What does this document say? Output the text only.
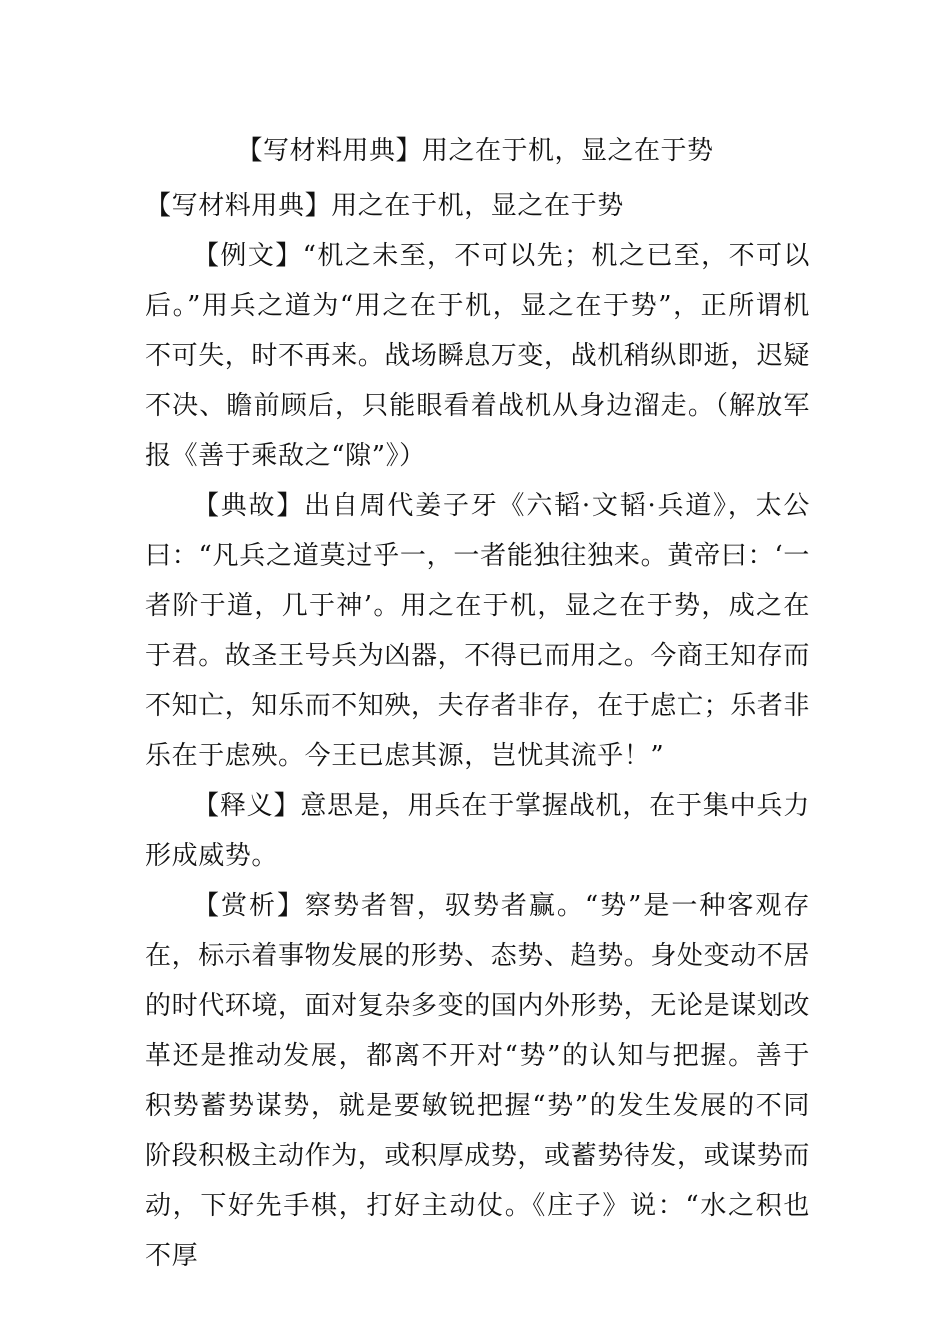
【写材料用典】用之在于机，显之在于势

【写材料用典】用之在于机，显之在于势

【例文】“机之未至，不可以先；机之已至，不可以后。”用兵之道为“用之在于机，显之在于势”，正所谓机不可失，时不再来。战场瞬息万变，战机稍纵即逝，迟疑不决、瞻前顾后，只能眼看着战机从身边溜走。（解放军报《善于乘敌之“隙”》）

【典故】出自周代姜子牙《六韬·文韬·兵道》，太公曰：“凡兵之道莫过乎一，一者能独往独来。黄帝曰：‘一者阶于道，几于神’。用之在于机，显之在于势，成之在于君。故圣王号兵为凶器，不得已而用之。今商王知存而不知亡，知乐而不知殃，夫存者非存，在于虑亡；乐者非乐在于虑殃。今王已虑其源，岂忧其流乎！”

【释义】意思是，用兵在于掌握战机，在于集中兵力形成威势。

【赏析】察势者智，驭势者赢。“势”是一种客观存在，标示着事物发展的形势、态势、趋势。身处变动不居的时代环境，面对复杂多变的国内外形势，无论是谋划改革还是推动发展，都离不开对“势”的认知与把握。善于积势蓄势谋势，就是要敏锐把握“势”的发生发展的不同阶段积极主动作为，或积厚成势，或蓄势待发，或谋势而动，下好先手棋，打好主动仗。《庄子》说：“水之积也不厚
